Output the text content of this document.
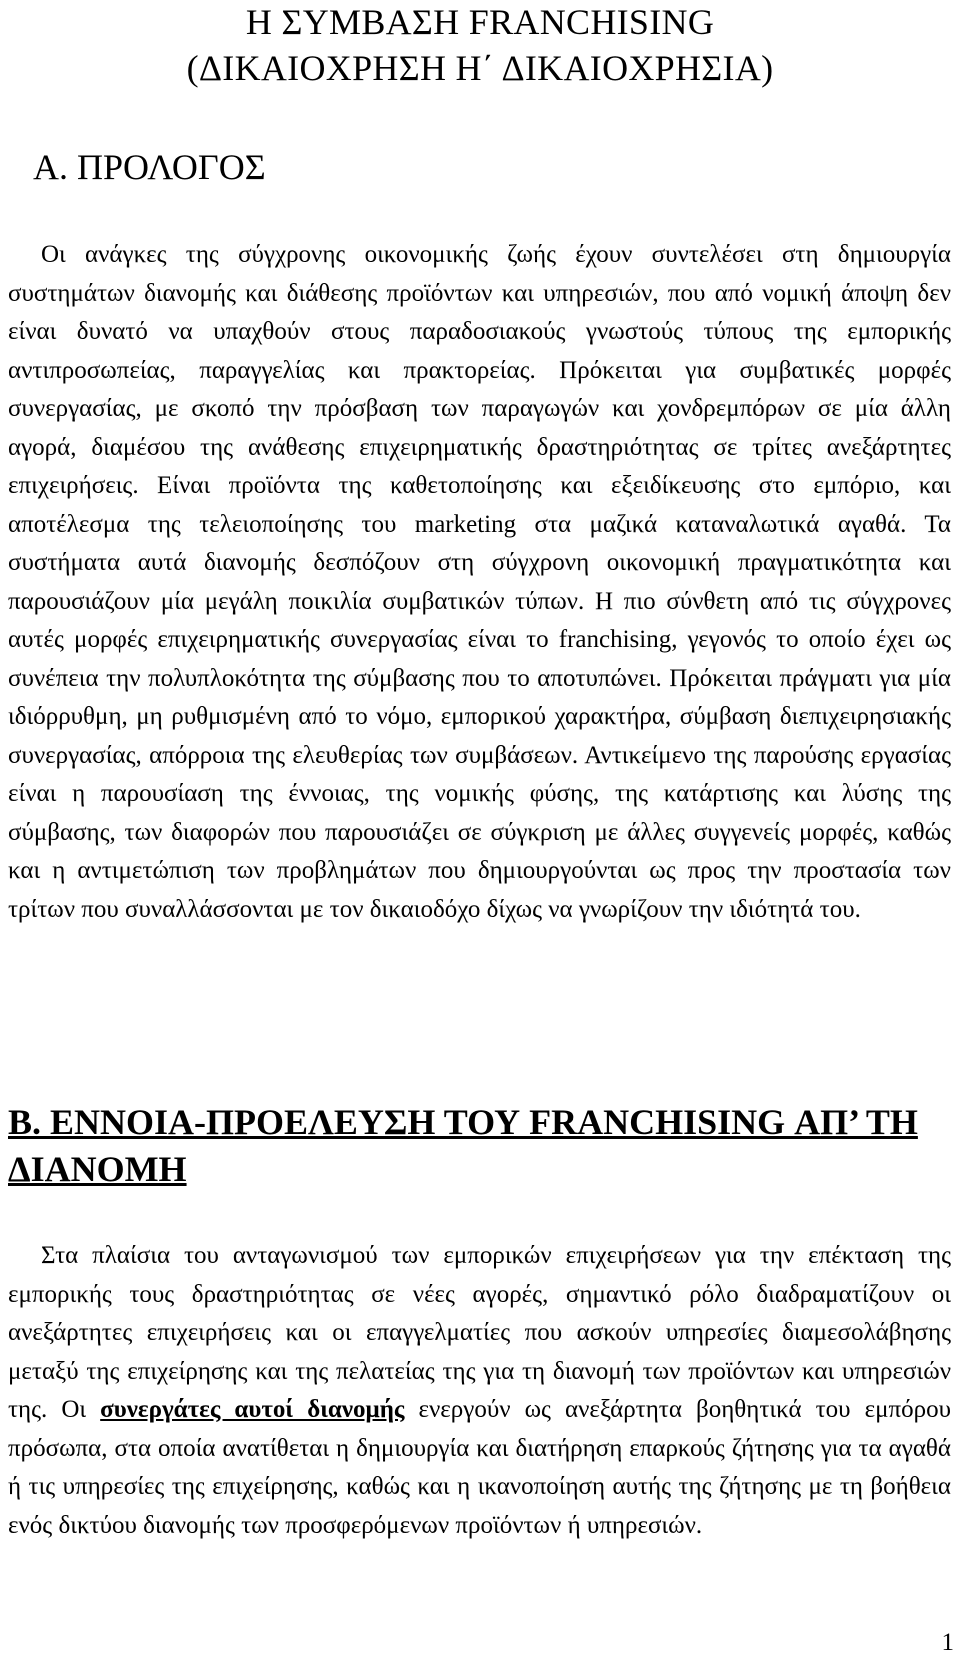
Η ΣΥΜΒΑΣΗ FRANCHISING
(ΔΙΚΑΙΟΧΡΗΣΗ Η΄ ΔΙΚΑΙΟΧΡΗΣΙΑ)
Α. ΠΡΟΛΟΓΟΣ

Οι ανάγκες της σύγχρονης οικονομικής ζωής έχουν συντελέσει στη δημιουργία συστημάτων διανομής και διάθεσης προϊόντων και υπηρεσιών, που από νομική άποψη δεν είναι δυνατό να υπαχθούν στους παραδοσιακούς γνωστούς τύπους της εμπορικής αντιπροσωπείας, παραγγελίας και πρακτορείας. Πρόκειται για συμβατικές μορφές συνεργασίας, με σκοπό την πρόσβαση των παραγωγών και χονδρεμπόρων σε μία άλλη αγορά, διαμέσου της ανάθεσης επιχειρηματικής δραστηριότητας σε τρίτες ανεξάρτητες επιχειρήσεις. Είναι προϊόντα της καθετοποίησης και εξειδίκευσης στο εμπόριο, και αποτέλεσμα της τελειοποίησης του marketing στα μαζικά καταναλωτικά αγαθά. Τα συστήματα αυτά διανομής δεσπόζουν στη σύγχρονη οικονομική πραγματικότητα και παρουσιάζουν μία μεγάλη ποικιλία συμβατικών τύπων. Η πιο σύνθετη από τις σύγχρονες αυτές μορφές επιχειρηματικής συνεργασίας είναι το franchising, γεγονός το οποίο έχει ως συνέπεια την πολυπλοκότητα της σύμβασης που το αποτυπώνει. Πρόκειται πράγματι για μία ιδιόρρυθμη, μη ρυθμισμένη από το νόμο, εμπορικού χαρακτήρα, σύμβαση διεπιχειρησιακής συνεργασίας, απόρροια της ελευθερίας των συμβάσεων. Αντικείμενο της παρούσης εργασίας είναι η παρουσίαση της έννοιας, της νομικής φύσης, της κατάρτισης και λύσης της σύμβασης, των διαφορών που παρουσιάζει σε σύγκριση με άλλες συγγενείς μορφές, καθώς και η αντιμετώπιση των προβλημάτων που δημιουργούνται ως προς την προστασία των τρίτων που συναλλάσσονται με τον δικαιοδόχο δίχως να γνωρίζουν την ιδιότητά του.

Β. ΕΝΝΟΙΑ-ΠΡΟΕΛΕΥΣΗ ΤΟΥ FRANCHISING ΑΠ’ ΤΗ
ΔΙΑΝΟΜΗ

Στα πλαίσια του ανταγωνισμού των εμπορικών επιχειρήσεων για την επέκταση της εμπορικής τους δραστηριότητας σε νέες αγορές, σημαντικό ρόλο διαδραματίζουν οι ανεξάρτητες επιχειρήσεις και οι επαγγελματίες που ασκούν υπηρεσίες διαμεσολάβησης μεταξύ της επιχείρησης και της πελατείας της για τη διανομή των προϊόντων και υπηρεσιών της. Οι συνεργάτες αυτοί διανομής ενεργούν ως ανεξάρτητα βοηθητικά του εμπόρου πρόσωπα, στα οποία ανατίθεται η δημιουργία και διατήρηση επαρκούς ζήτησης για τα αγαθά ή τις υπηρεσίες της επιχείρησης, καθώς και η ικανοποίηση αυτής της ζήτησης με τη βοήθεια ενός δικτύου διανομής των προσφερόμενων προϊόντων ή υπηρεσιών.

1
